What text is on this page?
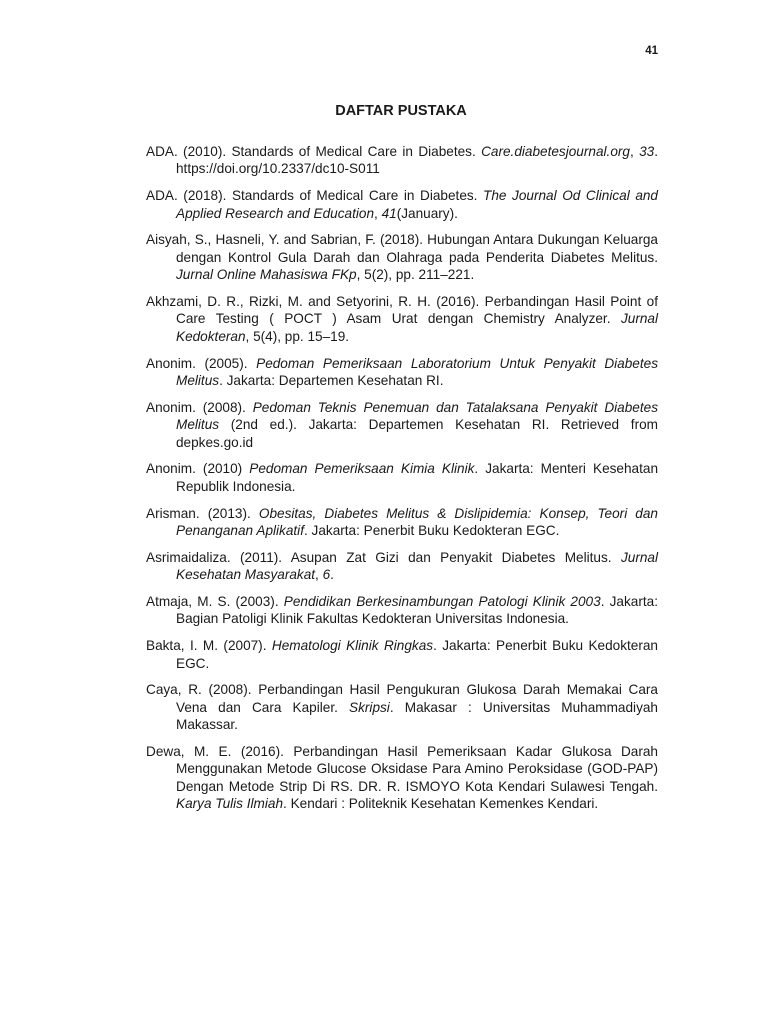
41
DAFTAR PUSTAKA

ADA. (2010). Standards of Medical Care in Diabetes. Care.diabetesjournal.org, 33. https://doi.org/10.2337/dc10-S011

ADA. (2018). Standards of Medical Care in Diabetes. The Journal Od Clinical and Applied Research and Education, 41(January).

Aisyah, S., Hasneli, Y. and Sabrian, F. (2018). Hubungan Antara Dukungan Keluarga dengan Kontrol Gula Darah dan Olahraga pada Penderita Diabetes Melitus. Jurnal Online Mahasiswa FKp, 5(2), pp. 211–221.

Akhzami, D. R., Rizki, M. and Setyorini, R. H. (2016). Perbandingan Hasil Point of Care Testing ( POCT ) Asam Urat dengan Chemistry Analyzer. Jurnal Kedokteran, 5(4), pp. 15–19.

Anonim. (2005). Pedoman Pemeriksaan Laboratorium Untuk Penyakit Diabetes Melitus. Jakarta: Departemen Kesehatan RI.

Anonim. (2008). Pedoman Teknis Penemuan dan Tatalaksana Penyakit Diabetes Melitus (2nd ed.). Jakarta: Departemen Kesehatan RI. Retrieved from depkes.go.id

Anonim. (2010) Pedoman Pemeriksaan Kimia Klinik. Jakarta: Menteri Kesehatan Republik Indonesia.

Arisman. (2013). Obesitas, Diabetes Melitus & Dislipidemia: Konsep, Teori dan Penanganan Aplikatif. Jakarta: Penerbit Buku Kedokteran EGC.

Asrimaidaliza. (2011). Asupan Zat Gizi dan Penyakit Diabetes Melitus. Jurnal Kesehatan Masyarakat, 6.

Atmaja, M. S. (2003). Pendidikan Berkesinambungan Patologi Klinik 2003. Jakarta: Bagian Patoligi Klinik Fakultas Kedokteran Universitas Indonesia.

Bakta, I. M. (2007). Hematologi Klinik Ringkas. Jakarta: Penerbit Buku Kedokteran EGC.

Caya, R. (2008). Perbandingan Hasil Pengukuran Glukosa Darah Memakai Cara Vena dan Cara Kapiler. Skripsi. Makasar : Universitas Muhammadiyah Makassar.

Dewa, M. E. (2016). Perbandingan Hasil Pemeriksaan Kadar Glukosa Darah Menggunakan Metode Glucose Oksidase Para Amino Peroksidase (GOD-PAP) Dengan Metode Strip Di RS. DR. R. ISMOYO Kota Kendari Sulawesi Tengah. Karya Tulis Ilmiah. Kendari : Politeknik Kesehatan Kemenkes Kendari.
